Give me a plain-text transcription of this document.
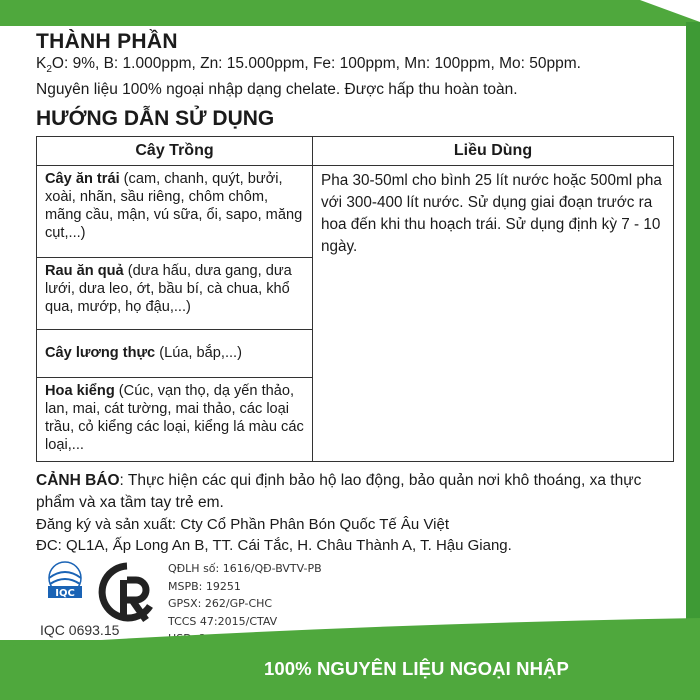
THÀNH PHẦN

$K_2O$: 9%, B: 1.000ppm, Zn: 15.000ppm, Fe: 100ppm, Mn: 100ppm, Mo: 50ppm.

Nguyên liệu 100% ngoại nhập dạng chelate. Được hấp thu hoàn toàn.

HƯỚNG DẪN SỬ DỤNG
Cây Trồng	Liều Dùng
Cây ăn trái (cam, chanh, quýt, bưởi, xoài, nhãn, sầu riêng, chôm chôm, mãng cầu, mận, vú sữa, ổi, sapo, măng cụt,...)	Pha 30-50ml cho bình 25 lít nước hoặc 500ml pha với 300-400 lít nước. Sử dụng giai đoạn trước ra hoa đến khi thu hoạch trái. Sử dụng định kỳ 7 - 10 ngày.
Rau ăn quả (dưa hấu, dưa gang, dưa lưới, dưa leo, ớt, bầu bí, cà chua, khổ qua, mướp, họ đậu,...)	
Cây lương thực (Lúa, bắp,...)	
Hoa kiểng (Cúc, vạn thọ, dạ yến thảo, lan, mai, cát tường, mai thảo, các loại trầu, cỏ kiểng các loại, kiểng lá màu các loại,...	
CẢNH BÁO: Thực hiện các qui định bảo hộ lao động, bảo quản nơi khô thoáng, xa thực phẩm và xa tầm tay trẻ em.
Đăng ký và sản xuất: Cty Cổ Phần Phân Bón Quốc Tế Âu Việt
ĐC: QL1A, Ấp Long An B, TT. Cái Tắc, H. Châu Thành A, T. Hậu Giang.
IQC
IQC 0693.15
QĐLH số: 1616/QĐ-BVTV-PB
MSPB: 19251
GPSX: 262/GP-CHC
TCCS 47:2015/CTAV
100% NGUYÊN LIỆU NGOẠI NHẬP
